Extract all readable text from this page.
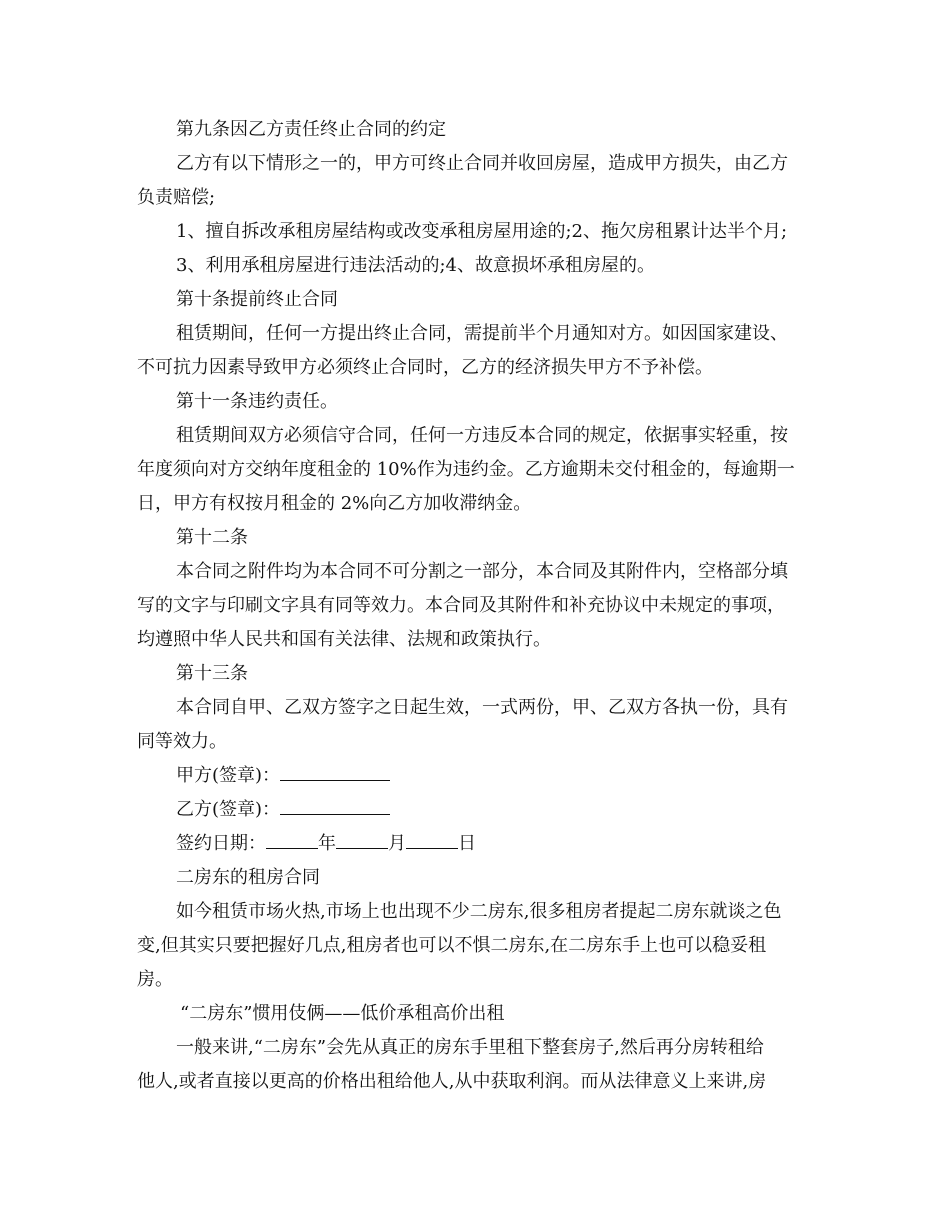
第九条因乙方责任终止合同的约定
乙方有以下情形之一的，甲方可终止合同并收回房屋，造成甲方损失，由乙方
负责赔偿;
1、擅自拆改承租房屋结构或改变承租房屋用途的;2、拖欠房租累计达半个月;
3、利用承租房屋进行违法活动的;4、故意损坏承租房屋的。
第十条提前终止合同
租赁期间，任何一方提出终止合同，需提前半个月通知对方。如因国家建设、
不可抗力因素导致甲方必须终止合同时，乙方的经济损失甲方不予补偿。
第十一条违约责任。
租赁期间双方必须信守合同，任何一方违反本合同的规定，依据事实轻重，按
年度须向对方交纳年度租金的 10%作为违约金。乙方逾期未交付租金的，每逾期一
日，甲方有权按月租金的 2%向乙方加收滞纳金。
第十二条
本合同之附件均为本合同不可分割之一部分，本合同及其附件内，空格部分填
写的文字与印刷文字具有同等效力。本合同及其附件和补充协议中未规定的事项，
均遵照中华人民共和国有关法律、法规和政策执行。
第十三条
本合同自甲、乙双方签字之日起生效，一式两份，甲、乙双方各执一份，具有
同等效力。
甲方(签章)：
乙方(签章)：
签约日期：	年	月	日
二房东的租房合同
如今租赁市场火热,市场上也出现不少二房东,很多租房者提起二房东就谈之色
变,但其实只要把握好几点,租房者也可以不惧二房东,在二房东手上也可以稳妥租
房。
“二房东”惯用伎俩——低价承租高价出租
一般来讲,“二房东”会先从真正的房东手里租下整套房子,然后再分房转租给
他人,或者直接以更高的价格出租给他人,从中获取利润。而从法律意义上来讲,房
